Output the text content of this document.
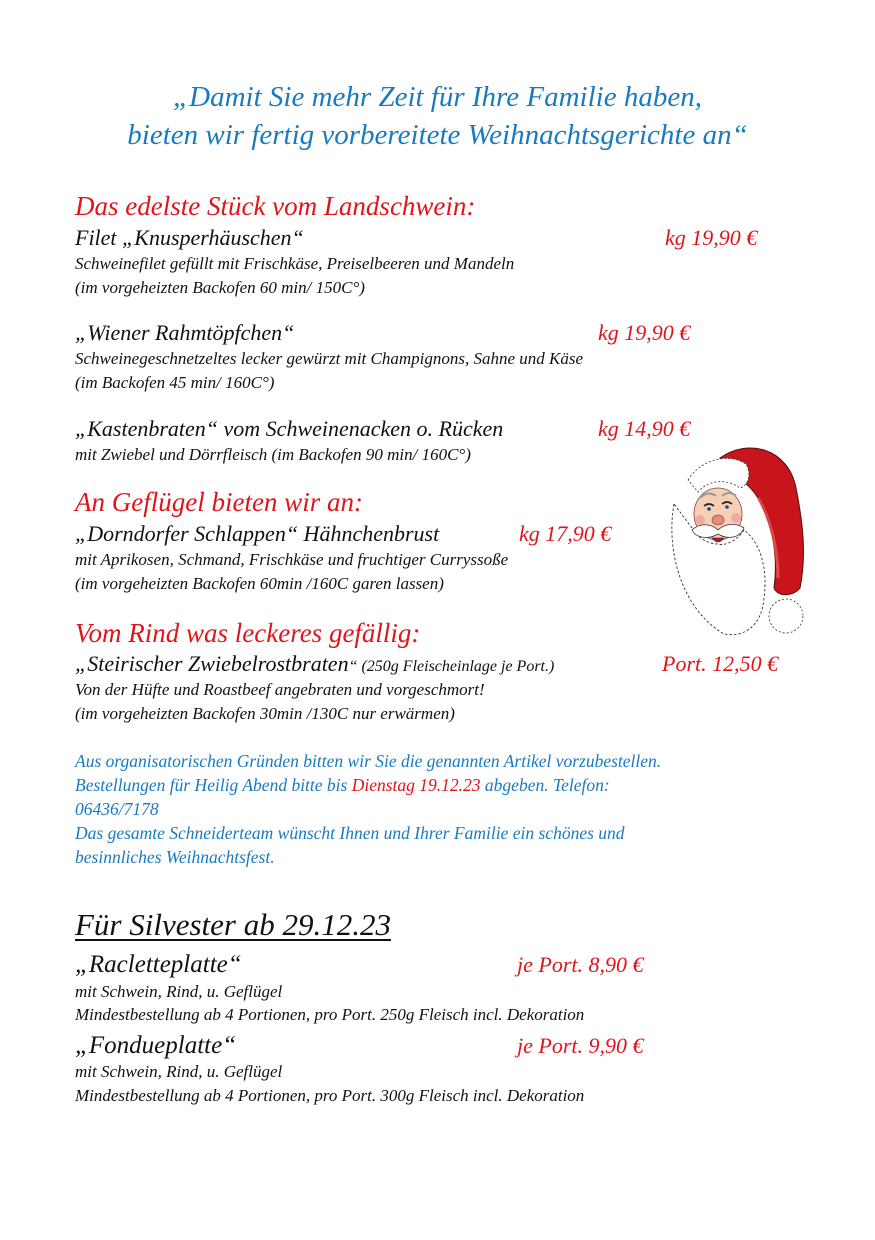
„Damit Sie mehr Zeit für Ihre Familie haben,
bieten wir fertig vorbereitete Weihnachtsgerichte an“
Das edelste Stück vom Landschwein:
Filet „Knusperhäuschen“	kg 19,90 €
Schweinefilet gefüllt mit Frischkäse, Preiselbeeren und Mandeln
(im vorgeheizten Backofen 60 min/ 150C°)
„Wiener Rahmtöpfchen“	kg 19,90 €
Schweinegeschnetzeltes lecker gewürzt mit Champignons, Sahne und Käse
(im Backofen 45 min/ 160C°)
„Kastenbraten“ vom Schweinenacken o. Rücken	kg 14,90 €
mit Zwiebel und Dörrfleisch (im Backofen 90 min/ 160C°)
An Geflügel bieten wir an:
„Dorndorfer Schlappen“ Hähnchenbrust	kg 17,90 €
mit Aprikosen, Schmand, Frischkäse und fruchtiger Curryssoße
(im vorgeheizten Backofen 60min /160C garen lassen)
Vom Rind was leckeres gefällig:
„Steirischer Zwiebelrostbraten“ (250g Fleischeinlage je Port.)	Port. 12,50 €
Von der Hüfte und Roastbeef angebraten und vorgeschmort!
(im vorgeheizten Backofen 30min /130C nur erwärmen)
Aus organisatorischen Gründen bitten wir Sie die genannten Artikel vorzubestellen.
Bestellungen für Heilig Abend bitte bis Dienstag 19.12.23 abgeben. Telefon:
06436/7178
Das gesamte Schneiderteam wünscht Ihnen und Ihrer Familie ein schönes und
besinnliches Weihnachtsfest.
Für Silvester ab 29.12.23
„Racletteplatte“	je Port. 8,90 €
mit Schwein, Rind, u. Geflügel
Mindestbestellung ab 4 Portionen, pro Port. 250g Fleisch incl. Dekoration
„Fondueplatte“	je Port. 9,90 €
mit Schwein, Rind, u. Geflügel
Mindestbestellung ab 4 Portionen, pro Port. 300g Fleisch incl. Dekoration
